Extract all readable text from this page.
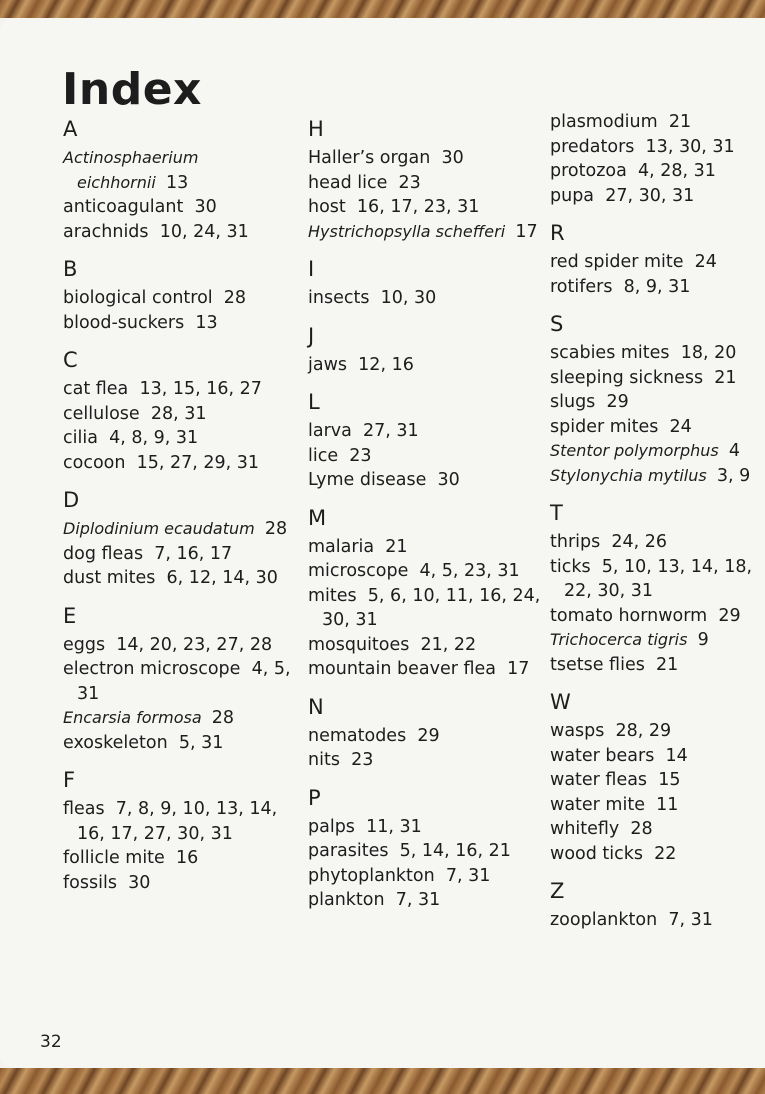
Index
A
Actinosphaerium eichhornii 13
anticoagulant 30
arachnids 10, 24, 31
B
biological control 28
blood-suckers 13
C
cat flea 13, 15, 16, 27
cellulose 28, 31
cilia 4, 8, 9, 31
cocoon 15, 27, 29, 31
D
Diplodinium ecaudatum 28
dog fleas 7, 16, 17
dust mites 6, 12, 14, 30
E
eggs 14, 20, 23, 27, 28
electron microscope 4, 5, 31
Encarsia formosa 28
exoskeleton 5, 31
F
fleas 7, 8, 9, 10, 13, 14, 16, 17, 27, 30, 31
follicle mite 16
fossils 30
H
Haller’s organ 30
head lice 23
host 16, 17, 23, 31
Hystrichopsylla schefferi 17
I
insects 10, 30
J
jaws 12, 16
L
larva 27, 31
lice 23
Lyme disease 30
M
malaria 21
microscope 4, 5, 23, 31
mites 5, 6, 10, 11, 16, 24, 30, 31
mosquitoes 21, 22
mountain beaver flea 17
N
nematodes 29
nits 23
P
palps 11, 31
parasites 5, 14, 16, 21
phytoplankton 7, 31
plankton 7, 31
plasmodium 21
predators 13, 30, 31
protozoa 4, 28, 31
pupa 27, 30, 31
R
red spider mite 24
rotifers 8, 9, 31
S
scabies mites 18, 20
sleeping sickness 21
slugs 29
spider mites 24
Stentor polymorphus 4
Stylonychia mytilus 3, 9
T
thrips 24, 26
ticks 5, 10, 13, 14, 18, 22, 30, 31
tomato hornworm 29
Trichocerca tigris 9
tsetse flies 21
W
wasps 28, 29
water bears 14
water fleas 15
water mite 11
whitefly 28
wood ticks 22
Z
zooplankton 7, 31
32
